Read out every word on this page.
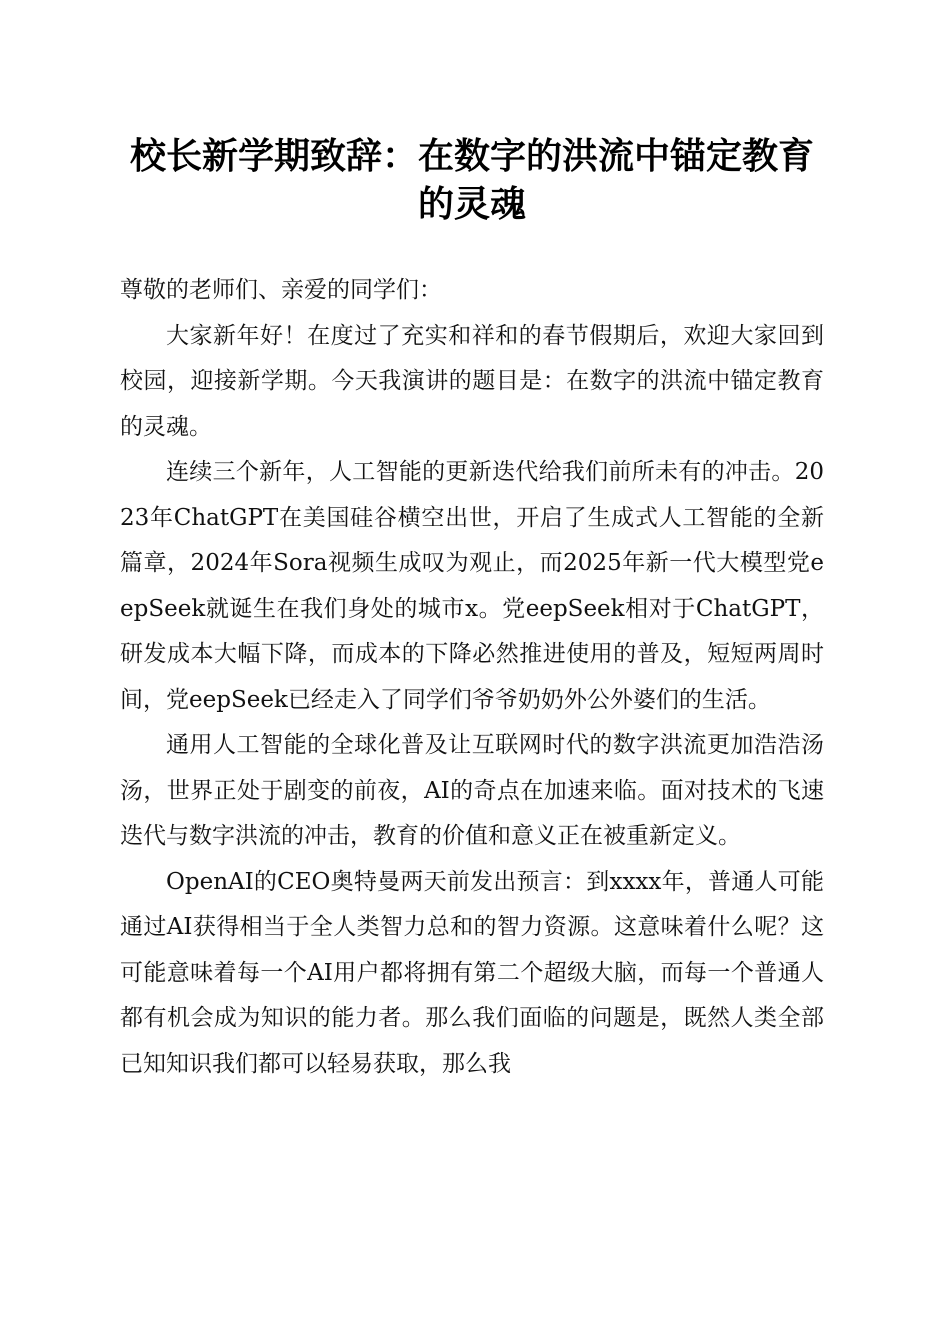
校长新学期致辞：在数字的洪流中锚定教育的灵魂

尊敬的老师们、亲爱的同学们：

大家新年好！在度过了充实和祥和的春节假期后，欢迎大家回到校园，迎接新学期。今天我演讲的题目是：在数字的洪流中锚定教育的灵魂。

连续三个新年，人工智能的更新迭代给我们前所未有的冲击。2023年ChatGPT在美国硅谷横空出世，开启了生成式人工智能的全新篇章，2024年Sora视频生成叹为观止，而2025年新一代大模型党eepSeek就诞生在我们身处的城市x。党eepSeek相对于ChatGPT，研发成本大幅下降，而成本的下降必然推进使用的普及，短短两周时间，党eepSeek已经走入了同学们爷爷奶奶外公外婆们的生活。

通用人工智能的全球化普及让互联网时代的数字洪流更加浩浩汤汤，世界正处于剧变的前夜，AI的奇点在加速来临。面对技术的飞速迭代与数字洪流的冲击，教育的价值和意义正在被重新定义。

OpenAI的CEO奥特曼两天前发出预言：到xxxx年，普通人可能通过AI获得相当于全人类智力总和的智力资源。这意味着什么呢？这可能意味着每一个AI用户都将拥有第二个超级大脑，而每一个普通人都有机会成为知识的能力者。那么我们面临的问题是，既然人类全部已知知识我们都可以轻易获取，那么我
